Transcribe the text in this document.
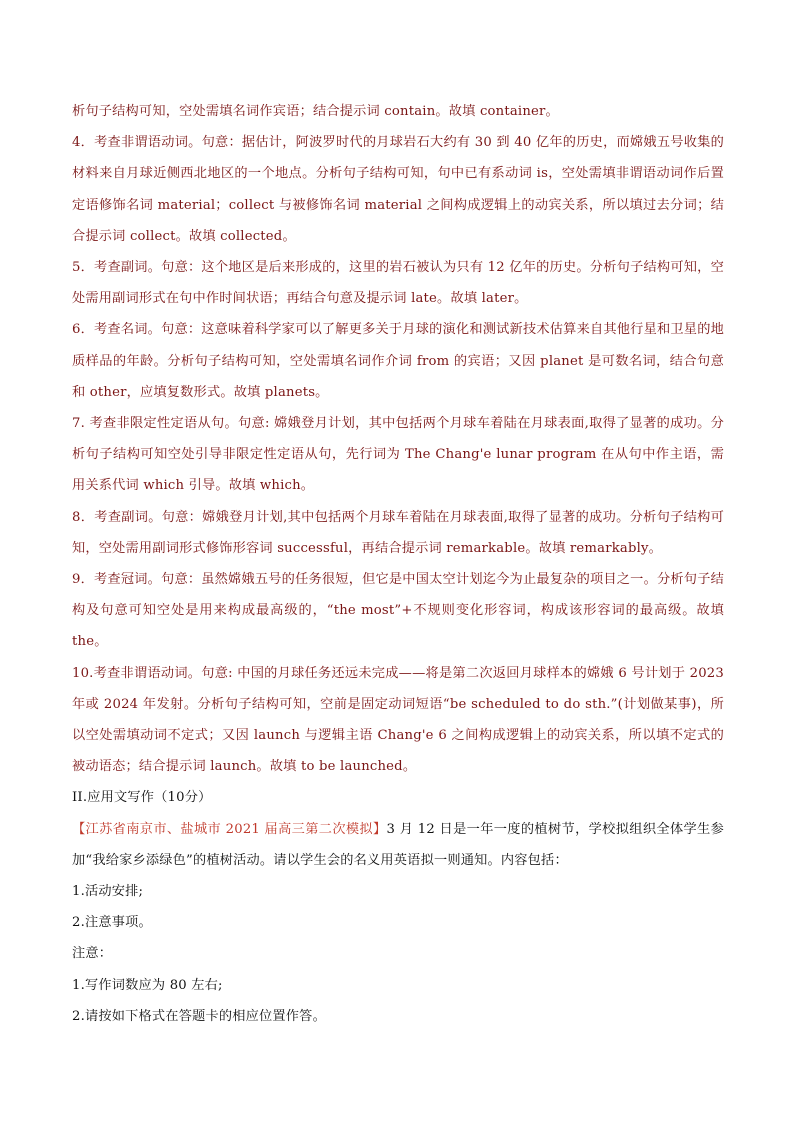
析句子结构可知，空处需填名词作宾语；结合提示词 contain。故填 container。

4．考查非谓语动词。句意：据估计，阿波罗时代的月球岩石大约有 30 到 40 亿年的历史，而嫦娥五号收集的材料来自月球近侧西北地区的一个地点。分析句子结构可知，句中已有系动词 is，空处需填非谓语动词作后置定语修饰名词 material；collect 与被修饰名词 material 之间构成逻辑上的动宾关系，所以填过去分词；结合提示词 collect。故填 collected。

5．考查副词。句意：这个地区是后来形成的，这里的岩石被认为只有 12 亿年的历史。分析句子结构可知，空处需用副词形式在句中作时间状语；再结合句意及提示词 late。故填 later。

6．考查名词。句意：这意味着科学家可以了解更多关于月球的演化和测试新技术估算来自其他行星和卫星的地质样品的年龄。分析句子结构可知，空处需填名词作介词 from 的宾语；又因 planet 是可数名词，结合句意和 other，应填复数形式。故填 planets。

7. 考查非限定性定语从句。句意: 嫦娥登月计划，其中包括两个月球车着陆在月球表面,取得了显著的成功。分析句子结构可知空处引导非限定性定语从句，先行词为 The Chang'e lunar program 在从句中作主语，需用关系代词 which 引导。故填 which。

8．考查副词。句意：嫦娥登月计划,其中包括两个月球车着陆在月球表面,取得了显著的成功。分析句子结构可知，空处需用副词形式修饰形容词 successful，再结合提示词 remarkable。故填 remarkably。

9．考查冠词。句意：虽然嫦娥五号的任务很短，但它是中国太空计划迄今为止最复杂的项目之一。分析句子结构及句意可知空处是用来构成最高级的，“the most”+不规则变化形容词，构成该形容词的最高级。故填 the。

10.考查非谓语动词。句意: 中国的月球任务还远未完成——将是第二次返回月球样本的嫦娥 6 号计划于 2023 年或 2024 年发射。分析句子结构可知，空前是固定动词短语“be scheduled to do sth.”(计划做某事)，所以空处需填动词不定式；又因 launch 与逻辑主语 Chang'e 6 之间构成逻辑上的动宾关系，所以填不定式的被动语态；结合提示词 launch。故填 to be launched。

II.应用文写作（10分）

【江苏省南京市、盐城市 2021 届高三第二次模拟】3 月 12 日是一年一度的植树节，学校拟组织全体学生参加“我给家乡添绿色”的植树活动。请以学生会的名义用英语拟一则通知。内容包括：

1.活动安排;

2.注意事项。

注意：

1.写作词数应为 80 左右;

2.请按如下格式在答题卡的相应位置作答。
